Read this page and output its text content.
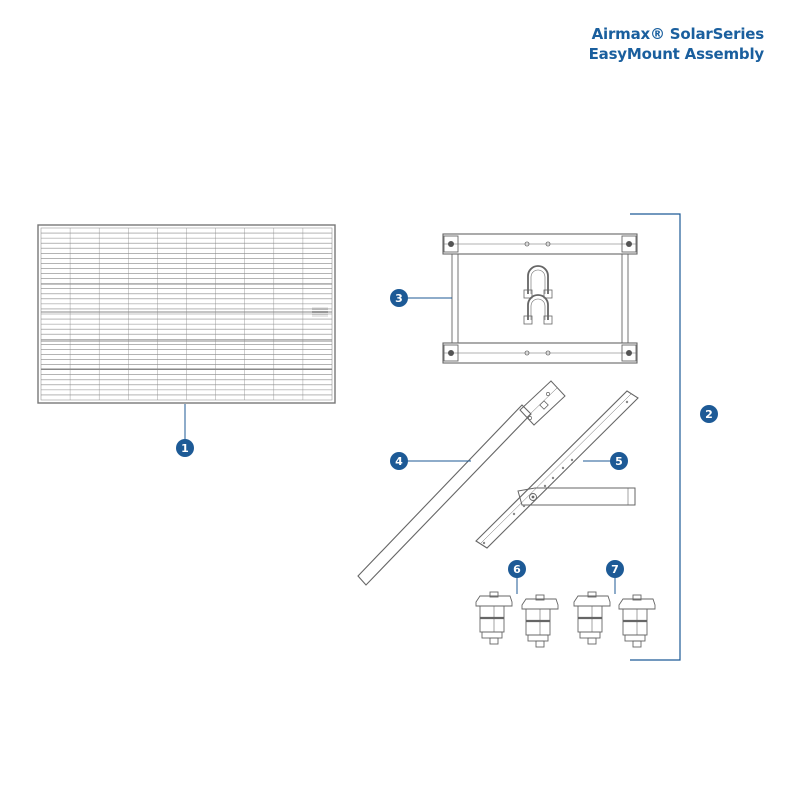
Airmax® SolarSeries
EasyMount Assembly
1
2
3
4	5
6	7
